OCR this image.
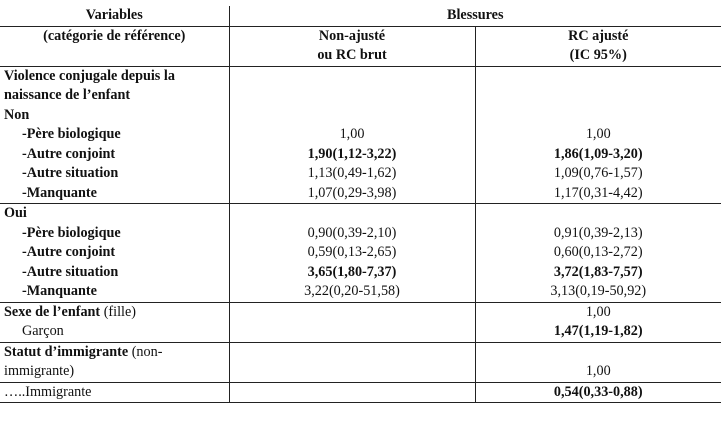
Variables	Blessures	
(catégorie de référence)	Non-ajusté	RC ajusté
	ou RC brut	(IC 95%)
Violence conjugale depuis la		
naissance de l’enfant		
Non		
-Père biologique	1,00	1,00
-Autre conjoint	1,90(1,12-3,22)	1,86(1,09-3,20)
-Autre situation	1,13(0,49-1,62)	1,09(0,76-1,57)
-Manquante	1,07(0,29-3,98)	1,17(0,31-4,42)
Oui		
-Père biologique	0,90(0,39-2,10)	0,91(0,39-2,13)
-Autre conjoint	0,59(0,13-2,65)	0,60(0,13-2,72)
-Autre situation	3,65(1,80-7,37)	3,72(1,83-7,57)
-Manquante	3,22(0,20-51,58)	3,13(0,19-50,92)
Sexe de l’enfant (fille)		1,00
Garçon		1,47(1,19-1,82)
Statut d’immigrante (non-		
immigrante)		1,00
…..Immigrante		0,54(0,33-0,88)
